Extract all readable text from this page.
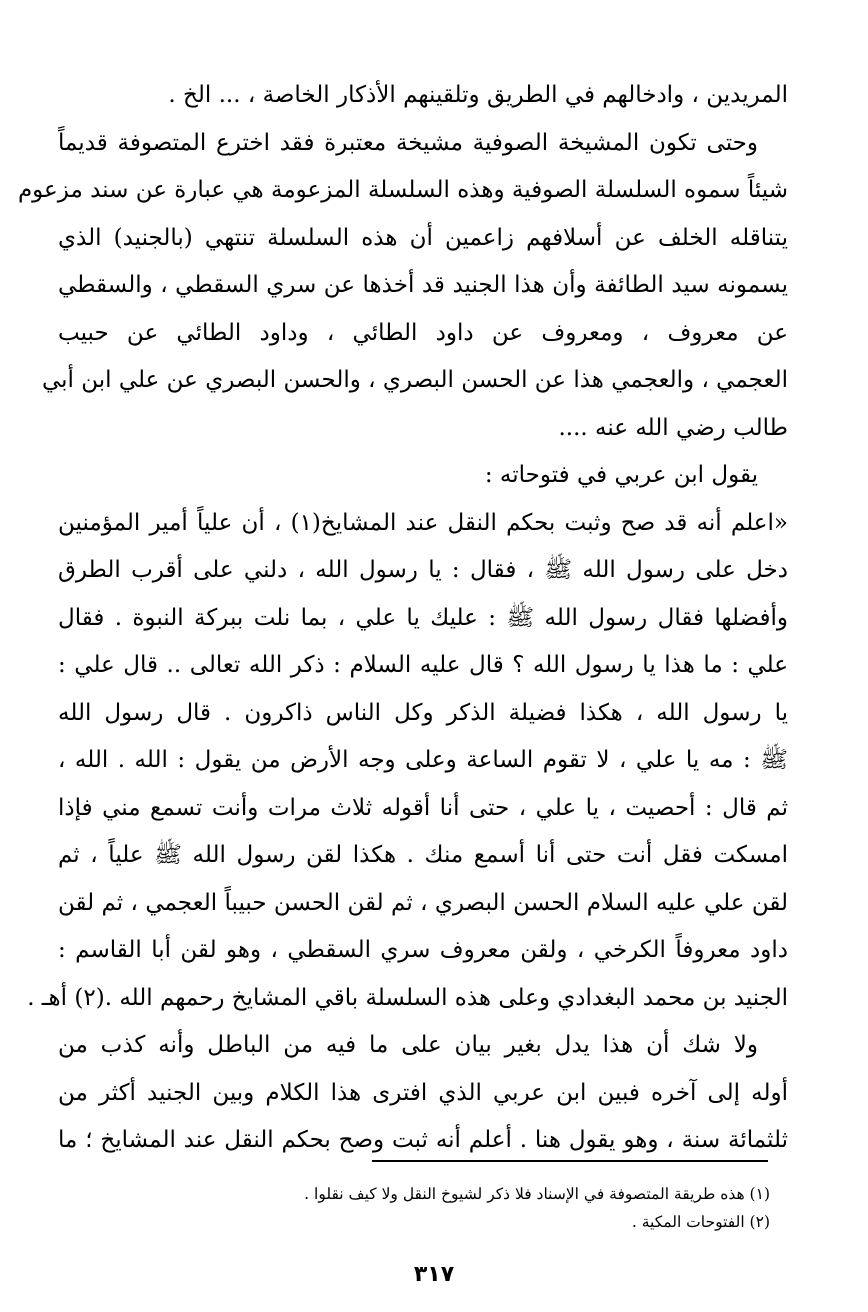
المريدين ، وادخالهم في الطريق وتلقينهم الأذكار الخاصة ، ... الخ .
وحتى تكون المشيخة الصوفية مشيخة معتبرة فقد اخترع المتصوفة قديماً
شيئاً سموه السلسلة الصوفية وهذه السلسلة المزعومة هي عبارة عن سند مزعوم
يتناقله الخلف عن أسلافهم زاعمين أن هذه السلسلة تنتهي (بالجنيد) الذي
يسمونه سيد الطائفة وأن هذا الجنيد قد أخذها عن سري السقطي ، والسقطي
عن معروف ، ومعروف عن داود الطائي ، وداود الطائي عن حبيب
العجمي ، والعجمي هذا عن الحسن البصري ، والحسن البصري عن علي ابن أبي
طالب رضي الله عنه ....
يقول ابن عربي في فتوحاته :
«اعلم أنه قد صح وثبت بحكم النقل عند المشايخ(١) ، أن علياً أمير المؤمنين
دخل على رسول الله ﷺ ، فقال : يا رسول الله ، دلني على أقرب الطرق
وأفضلها فقال رسول الله ﷺ : عليك يا علي ، بما نلت ببركة النبوة . فقال
علي : ما هذا يا رسول الله ؟ قال عليه السلام : ذكر الله تعالى .. قال علي :
يا رسول الله ، هكذا فضيلة الذكر وكل الناس ذاكرون . قال رسول الله
ﷺ : مه يا علي ، لا تقوم الساعة وعلى وجه الأرض من يقول : الله . الله ،
ثم قال : أحصيت ، يا علي ، حتى أنا أقوله ثلاث مرات وأنت تسمع مني فإذا
امسكت فقل أنت حتى أنا أسمع منك . هكذا لقن رسول الله ﷺ علياً ، ثم
لقن علي عليه السلام الحسن البصري ، ثم لقن الحسن حبيباً العجمي ، ثم لقن
داود معروفاً الكرخي ، ولقن معروف سري السقطي ، وهو لقن أبا القاسم :
الجنيد بن محمد البغدادي وعلى هذه السلسلة باقي المشايخ رحمهم الله .(٢) أهـ .
ولا شك أن هذا يدل بغير بيان على ما فيه من الباطل وأنه كذب من
أوله إلى آخره فبين ابن عربي الذي افترى هذا الكلام وبين الجنيد أكثر من
ثلثمائة سنة ، وهو يقول هنا . أعلم أنه ثبت وصح بحكم النقل عند المشايخ ؛ ما
(١) هذه طريقة المتصوفة في الإسناد فلا ذكر لشيوخ النقل ولا كيف نقلوا .
(٢) الفتوحات المكية .
٣١٧
